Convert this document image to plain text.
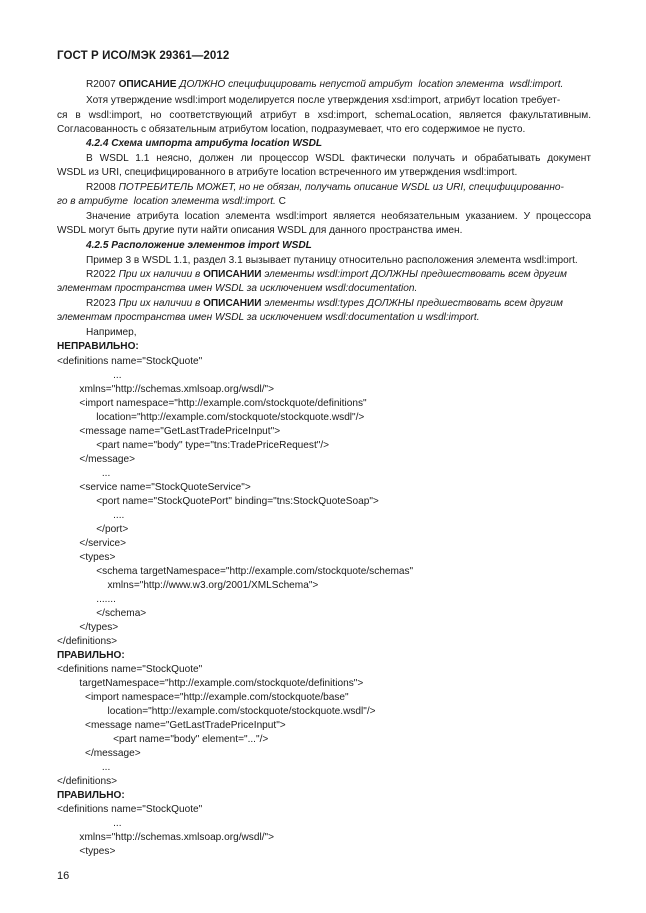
ГОСТ Р ИСО/МЭК 29361—2012
R2007 ОПИСАНИЕ ДОЛЖНО специфицировать непустой атрибут  location элемента  wsdl:import.
Хотя утверждение wsdl:import моделируется после утверждения xsd:import, атрибут location требует-
ся в wsdl:import, но соответствующий атрибут в xsd:import, schemaLocation, является факультативным.
Согласованность с обязательным атрибутом location, подразумевает, что его содержимое не пусто.
4.2.4 Схема импорта атрибута location WSDL
В WSDL 1.1 неясно, должен ли процессор WSDL фактически получать и обрабатывать документ
WSDL из URI, специфицированного в атрибуте location встреченного им утверждения wsdl:import.
R2008 ПОТРЕБИТЕЛЬ МОЖЕТ, но не обязан, получать описание WSDL из URI, специфицированно-
го в атрибуте  location элемента wsdl:import. С
Значение атрибута location элемента wsdl:import является необязательным указанием. У процессора
WSDL могут быть другие пути найти описания WSDL для данного пространства имен.
4.2.5 Расположение элементов import WSDL
Пример 3 в WSDL 1.1, раздел 3.1 вызывает путаницу относительно расположения элемента wsdl:import.
R2022 При их наличии в ОПИСАНИИ элементы wsdl:import ДОЛЖНЫ предшествовать всем другим
элементам пространства имен WSDL за исключением wsdl:documentation.
R2023 При их наличии в ОПИСАНИИ элементы wsdl:types ДОЛЖНЫ предшествовать всем другим
элементам пространства имен WSDL за исключением wsdl:documentation и wsdl:import.
Например,
НЕПРАВИЛЬНО:
<definitions name="StockQuote"
...
xmlns="http://schemas.xmlsoap.org/wsdl/">
<import namespace="http://example.com/stockquote/definitions"
location="http://example.com/stockquote/stockquote.wsdl"/>
<message name="GetLastTradePriceInput">
<part name="body" type="tns:TradePriceRequest"/>
</message>
...
<service name="StockQuoteService">
<port name="StockQuotePort" binding="tns:StockQuoteSoap">
....
</port>
</service>
<types>
<schema targetNamespace="http://example.com/stockquote/schemas"
xmlns="http://www.w3.org/2001/XMLSchema">
.......
</schema>
</types>
</definitions>
ПРАВИЛЬНО:
<definitions name="StockQuote"
targetNamespace="http://example.com/stockquote/definitions">
<import namespace="http://example.com/stockquote/base"
location="http://example.com/stockquote/stockquote.wsdl"/>
<message name="GetLastTradePriceInput">
<part name="body" element="..."/>
</message>
...
</definitions>
ПРАВИЛЬНО:
<definitions name="StockQuote"
...
xmlns="http://schemas.xmlsoap.org/wsdl/">
<types>
16
